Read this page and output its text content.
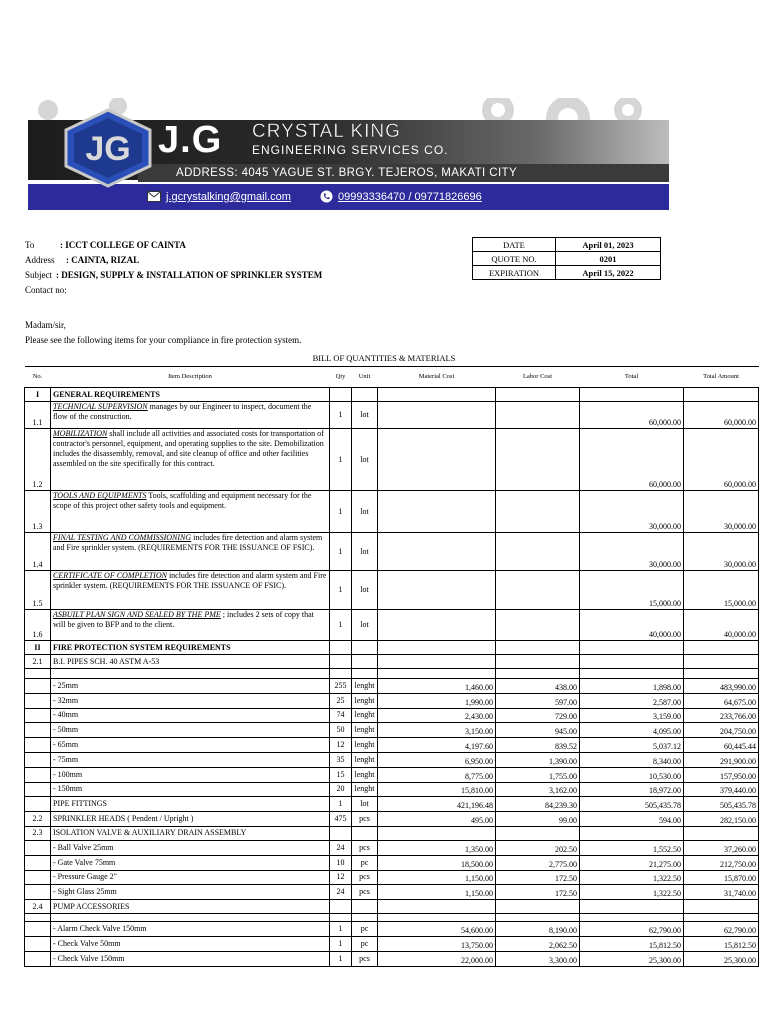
JG J.G CRYSTAL KING
ENGINEERING SERVICES CO.
ADDRESS: 4045 YAGUE ST. BRGY. TEJEROS, MAKATI CITY
j.gcrystalking@gmail.com	09993336470 / 09771826696
To	: ICCT COLLEGE OF CAINTA
Address : CAINTA, RIZAL
Subject : DESIGN, SUPPLY & INSTALLATION OF SPRINKLER SYSTEM
Contact no:
DATE	April 01, 2023
QUOTE NO.	0201
EXPIRATION	April 15, 2022
Madam/sir,
Please see the following items for your compliance in fire protection system.
BILL OF QUANTITIES & MATERIALS
No.	Item Description	Qty	Unit	Material Cost	Labor Cost	Total	Total Amount
I	GENERAL REQUIREMENTS						
1.1	TECHNICAL SUPERVISION manages by our Engineer to inspect, document the flow of the construction.	1	lot			60,000.00	60,000.00
1.2	MOBILIZATION shall include all activities and associated costs for transportation of contractor's personnel, equipment, and operating supplies to the site. Demobilization includes the disassembly, removal, and site cleanup of office and other facilities assembled on the site specifically for this contract.	1	lot			60,000.00	60,000.00
1.3	TOOLS AND EQUIPMENTS Tools, scaffolding and equipment necessary for the scope of this project other safety tools and equipment.	1	lot			30,000.00	30,000.00
1.4	FINAL TESTING AND COMMISSIONING includes fire detection and alarm system and Fire sprinkler system. (REQUIREMENTS FOR THE ISSUANCE OF FSIC).	1	lot			30,000.00	30,000.00
1.5	CERTIFICATE OF COMPLETION includes fire detection and alarm system and Fire sprinkler system. (REQUIREMENTS FOR THE ISSUANCE OF FSIC).	1	lot			15,000.00	15,000.00
1.6	ASBUILT PLAN SIGN AND SEALED BY THE PME ; includes 2 sets of copy that will be given to BFP and to the client.	1	lot			40,000.00	40,000.00
II	FIRE PROTECTION SYSTEM REQUIREMENTS						
2.1	B.I. PIPES SCH. 40 ASTM A-53						

	- 25mm	255	lenght	1,460.00	438.00	1,898.00	483,990.00
	- 32mm	25	lenght	1,990.00	597.00	2,587.00	64,675.00
	- 40mm	74	lenght	2,430.00	729.00	3,159.00	233,766.00
	- 50mm	50	lenght	3,150.00	945.00	4,095.00	204,750.00
	- 65mm	12	lenght	4,197.60	839.52	5,037.12	60,445.44
	- 75mm	35	lenght	6,950.00	1,390.00	8,340.00	291,900.00
	- 100mm	15	lenght	8,775.00	1,755.00	10,530.00	157,950.00
	- 150mm	20	lenght	15,810.00	3,162.00	18,972.00	379,440.00
	PIPE FITTINGS	1	lot	421,196.48	84,239.30	505,435.78	505,435.78
2.2	SPRINKLER HEADS ( Pendent / Upright )	475	pcs	495.00	99.00	594.00	282,150.00
2.3	ISOLATION VALVE & AUXILIARY DRAIN ASSEMBLY						
	- Ball Valve 25mm	24	pcs	1,350.00	202.50	1,552.50	37,260.00
	- Gate Valve 75mm	10	pc	18,500.00	2,775.00	21,275.00	212,750.00
	- Pressure Gauge 2"	12	pcs	1,150.00	172.50	1,322.50	15,870.00
	- Sight Glass 25mm	24	pcs	1,150.00	172.50	1,322.50	31,740.00
2.4	PUMP ACCESSORIES						

	- Alarm Check Valve 150mm	1	pc	54,600.00	8,190.00	62,790.00	62,790.00
	- Check Valve 50mm	1	pc	13,750.00	2,062.50	15,812.50	15,812.50
	- Check Valve 150mm	1	pcs	22,000.00	3,300.00	25,300.00	25,300.00
